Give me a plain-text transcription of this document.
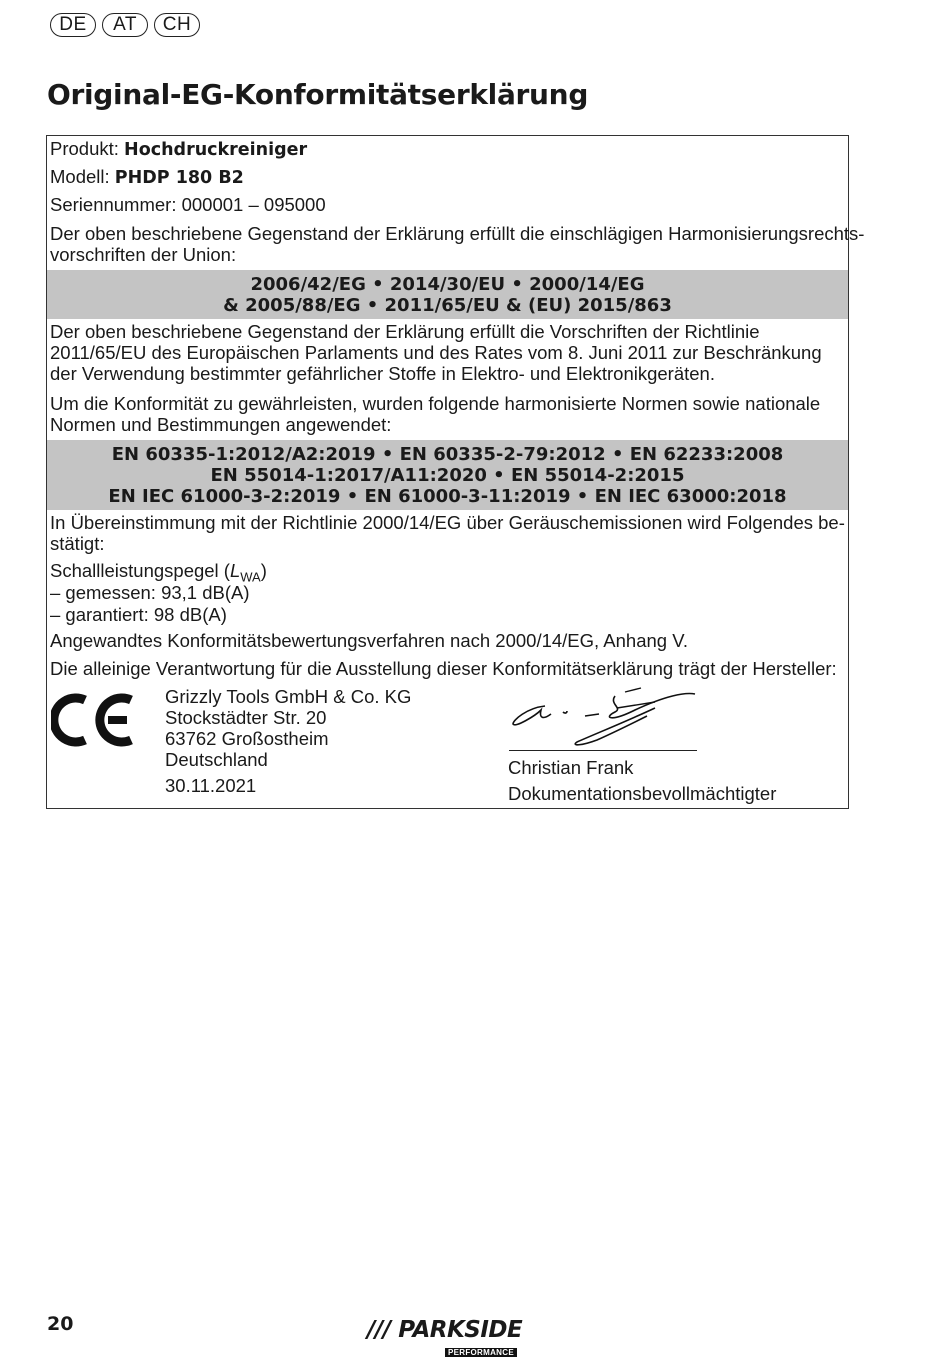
DE	AT	CH
Original-EG-Konformitätserklärung
Produkt: Hochdruckreiniger
Modell: PHDP 180 B2
Seriennummer: 000001 – 095000
Der oben beschriebene Gegenstand der Erklärung erfüllt die einschlägigen Harmonisierungsrechts-
vorschriften der Union:
2006/42/EG • 2014/30/EU • 2000/14/EG
& 2005/88/EG • 2011/65/EU & (EU) 2015/863
Der oben beschriebene Gegenstand der Erklärung erfüllt die Vorschriften der Richtlinie
2011/65/EU des Europäischen Parlaments und des Rates vom 8. Juni 2011 zur Beschränkung
der Verwendung bestimmter gefährlicher Stoffe in Elektro- und Elektronikgeräten.
Um die Konformität zu gewährleisten, wurden folgende harmonisierte Normen sowie nationale
Normen und Bestimmungen angewendet:
EN 60335-1:2012/A2:2019 • EN 60335-2-79:2012 • EN 62233:2008
EN 55014-1:2017/A11:2020 • EN 55014-2:2015
EN IEC 61000-3-2:2019 • EN 61000-3-11:2019 • EN IEC 63000:2018
In Übereinstimmung mit der Richtlinie 2000/14/EG über Geräuschemissionen wird Folgendes be-
stätigt:
Schallleistungspegel $(L_{WA})$
– gemessen: 93,1 dB(A)
– garantiert: 98 dB(A)
Angewandtes Konformitätsbewertungsverfahren nach 2000/14/EG, Anhang V.
Die alleinige Verantwortung für die Ausstellung dieser Konformitätserklärung trägt der Hersteller:
Grizzly Tools GmbH & Co. KG
Stockstädter Str. 20
63762 Großostheim
Deutschland
30.11.2021
Christian Frank
Dokumentationsbevollmächtigter
20	/// PARKSIDE
PERFORMANCE
